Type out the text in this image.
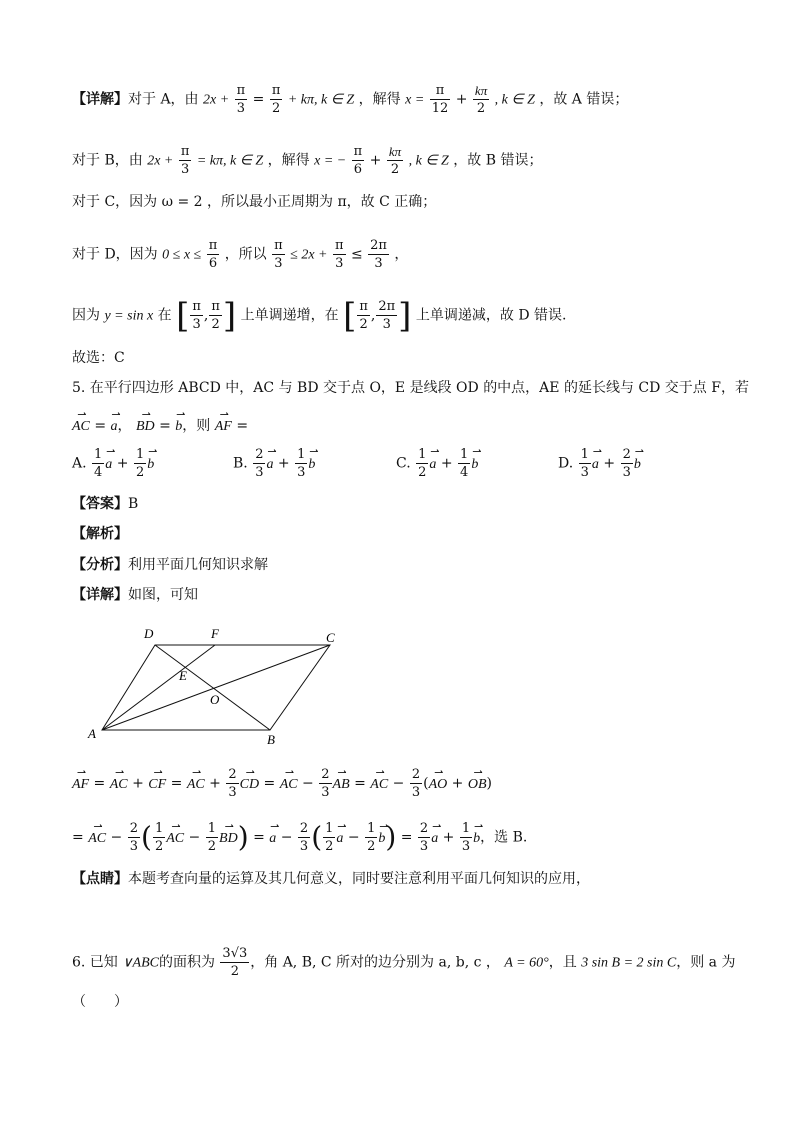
【详解】对于 A，由 $2x + \frac{\pi}{3} = \frac{\pi}{2} + k\pi$, k ∈ Z ，解得 $x = \frac{\pi}{12} + \frac{k\pi}{2}$ , k ∈ Z ，故 A 错误；
对于 B，由 $2x + \frac{\pi}{3} = k\pi$, k ∈ Z ，解得 x = − $\frac{\pi}{6} + \frac{k\pi}{2}$ , k ∈ Z ，故 B 错误；
对于 C，因为 ω = 2 ，所以最小正周期为 π，故 C 正确；
对于 D，因为 $0 \le x \le \frac{\pi}{6}$ ，所以 $\frac{\pi}{3} \le 2x + \frac{\pi}{3} \le \frac{2\pi}{3}$ ，
因为 y = sin x 在 [ $\frac{\pi}{3}$ , $\frac{\pi}{2}$ ] 上单调递增，在 [ $\frac{\pi}{2}$ , $\frac{2\pi}{3}$ ] 上单调递减，故 D 错误.
故选：C
5. 在平行四边形 ABCD 中，AC 与 BD 交于点 O，E 是线段 OD 的中点，AE 的延长线与 CD 交于点 F，若
⇀ AC = ⇀ a， ⇀ BD = ⇀ b，则 ⇀ AF =
A. $\frac{1}{4}$ ⇀ $a + \frac{1}{2}$ ⇀ b	B. $\frac{2}{3}$ ⇀ $a + \frac{1}{3}$ ⇀ b	C. $\frac{1}{2}$ ⇀ $a + \frac{1}{4}$ ⇀ b	D. $\frac{1}{3}$ ⇀ $a + \frac{2}{3}$ ⇀ b
【答案】B
【解析】
【分析】利用平面几何知识求解
【详解】如图，可知
D	F	C
E
O
A	B
⇀ AF = ⇀ AC + ⇀ CF = ⇀ AC + $\frac{2}{3}$ ⇀ CD = ⇀ AC − $\frac{2}{3}$ ⇀ AB = ⇀ AC − $\frac{2}{3}$ (⇀ AO + ⇀ OB)
= ⇀ AC − $\frac{2}{3}$ ( $\frac{1}{2}$ ⇀ AC − $\frac{1}{2}$ ⇀ BD) = ⇀ $a - \frac{2}{3}$ ( $\frac{1}{2}$ ⇀ $a - \frac{1}{2}$ ⇀ $b) = \frac{2}{3}$ ⇀ $a + \frac{1}{3}$ ⇀ b，选 B.
【点睛】本题考查向量的运算及其几何意义，同时要注意利用平面几何知识的应用，
6. 已知 ∨ABC的面积为 $\frac{3√3}{2}$ ，角 A, B, C 所对的边分别为 a, b, c ， A = 60°，且 3 sin B = 2 sin C，则 a 为
（　　）
